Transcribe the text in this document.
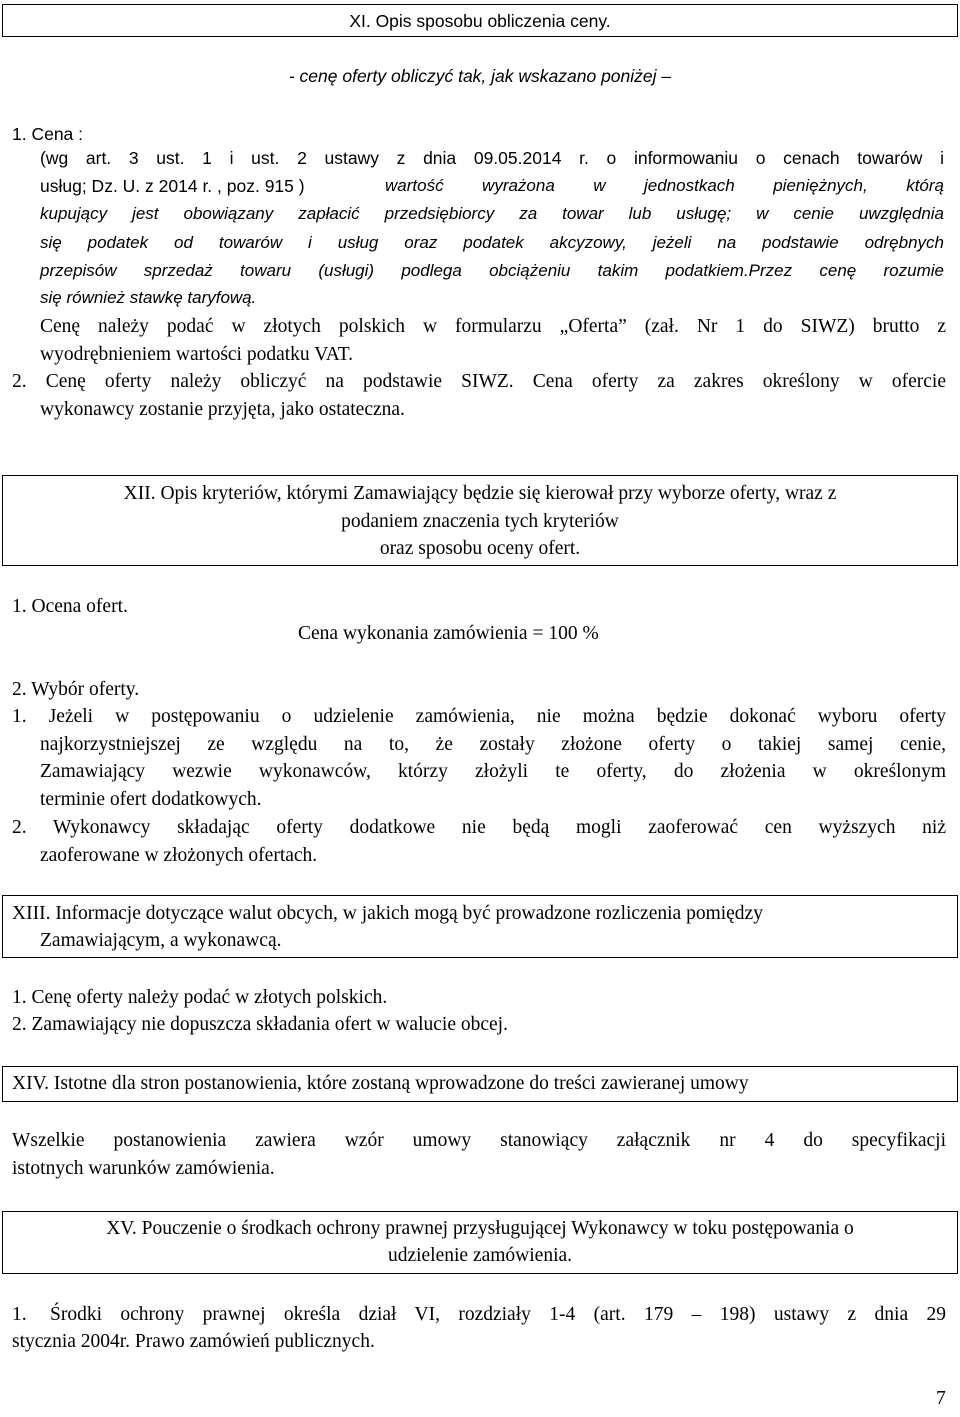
XI. Opis sposobu obliczenia ceny.
- cenę oferty obliczyć tak, jak wskazano poniżej –
1. Cena :
(wg art. 3 ust. 1 i ust. 2 ustawy z dnia 09.05.2014 r. o informowaniu o cenach towarów i
usług; Dz. U. z 2014 r. , poz. 915 )	wartość wyrażona w jednostkach pieniężnych, którą
kupujący jest obowiązany zapłacić przedsiębiorcy za towar lub usługę; w cenie uwzględnia
się podatek od towarów i usług oraz podatek akcyzowy, jeżeli na podstawie odrębnych
przepisów sprzedaż towaru (usługi) podlega obciążeniu takim podatkiem.Przez cenę rozumie
się również stawkę taryfową.
Cenę należy podać w złotych polskich w formularzu „Oferta” (zał. Nr 1 do SIWZ) brutto z
wyodrębnieniem wartości podatku VAT.
2. Cenę oferty należy obliczyć na podstawie SIWZ. Cena oferty za zakres określony w ofercie
wykonawcy zostanie przyjęta, jako ostateczna.
XII. Opis kryteriów, którymi Zamawiający będzie się kierował przy wyborze oferty, wraz z
podaniem znaczenia tych kryteriów
oraz sposobu oceny ofert.
1. Ocena ofert.
Cena wykonania zamówienia = 100 %
2. Wybór oferty.
1. Jeżeli w postępowaniu o udzielenie zamówienia, nie można będzie dokonać wyboru oferty
najkorzystniejszej ze względu na to, że zostały złożone oferty o takiej samej cenie,
Zamawiający wezwie wykonawców, którzy złożyli te oferty, do złożenia w określonym
terminie ofert dodatkowych.
2. Wykonawcy składając oferty dodatkowe nie będą mogli zaoferować cen wyższych niż
zaoferowane w złożonych ofertach.
XIII. Informacje dotyczące walut obcych, w jakich mogą być prowadzone rozliczenia pomiędzy
Zamawiającym, a wykonawcą.
1. Cenę oferty należy podać w złotych polskich.
2. Zamawiający nie dopuszcza składania ofert w walucie obcej.
XIV. Istotne dla stron postanowienia, które zostaną wprowadzone do treści zawieranej umowy
Wszelkie postanowienia zawiera wzór umowy stanowiący załącznik nr 4 do specyfikacji
istotnych warunków zamówienia.
XV. Pouczenie o środkach ochrony prawnej przysługującej Wykonawcy w toku postępowania o
udzielenie zamówienia.
1. Środki ochrony prawnej określa dział VI, rozdziały 1-4 (art. 179 – 198) ustawy z dnia 29
stycznia 2004r. Prawo zamówień publicznych.
7
